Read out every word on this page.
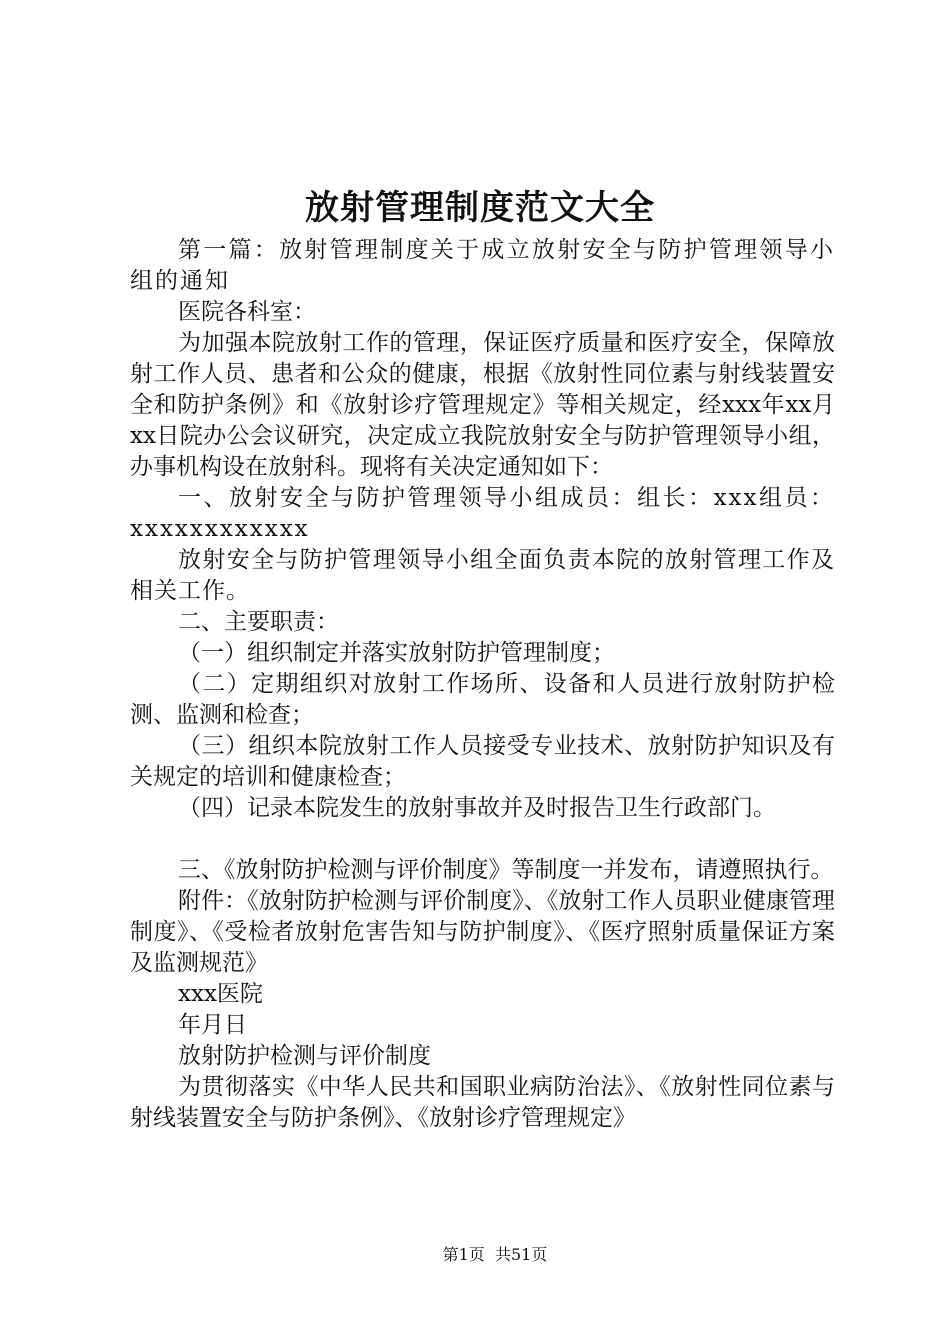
放射管理制度范文大全

第一篇：放射管理制度关于成立放射安全与防护管理领导小组的通知

医院各科室：

为加强本院放射工作的管理，保证医疗质量和医疗安全，保障放射工作人员、患者和公众的健康，根据《放射性同位素与射线装置安全和防护条例》和《放射诊疗管理规定》等相关规定，经xxx年xx月xx日院办公会议研究，决定成立我院放射安全与防护管理领导小组，办事机构设在放射科。现将有关决定通知如下：

一、放射安全与防护管理领导小组成员：组长：xxx组员：xxxxxxxxxxxx

放射安全与防护管理领导小组全面负责本院的放射管理工作及相关工作。

二、主要职责：

（一）组织制定并落实放射防护管理制度；

（二）定期组织对放射工作场所、设备和人员进行放射防护检测、监测和检查；

（三）组织本院放射工作人员接受专业技术、放射防护知识及有关规定的培训和健康检查；

（四）记录本院发生的放射事故并及时报告卫生行政部门。

三、《放射防护检测与评价制度》等制度一并发布，请遵照执行。

附件：《放射防护检测与评价制度》、《放射工作人员职业健康管理制度》、《受检者放射危害告知与防护制度》、《医疗照射质量保证方案及监测规范》

xxx医院

年月日

放射防护检测与评价制度

为贯彻落实《中华人民共和国职业病防治法》、《放射性同位素与射线装置安全与防护条例》、《放射诊疗管理规定》

第1页 共51页
